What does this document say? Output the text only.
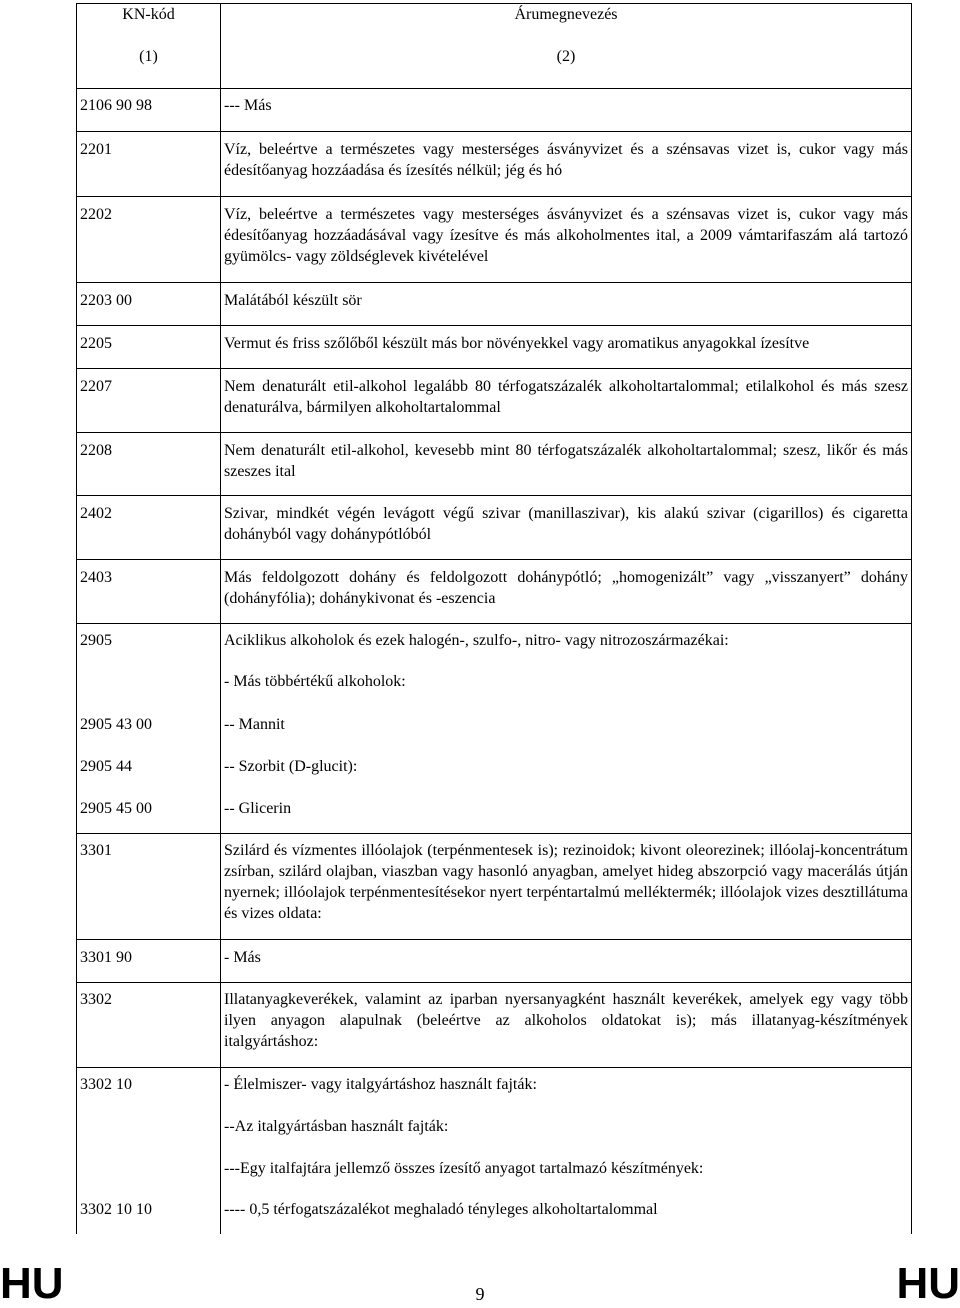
KN-kód	Árumegnevezés
(1)	(2)
2106 90 98	--- Más
2201	Víz, beleértve a természetes vagy mesterséges ásványvizet és a szénsavas vizet is, cukor vagy más édesítőanyag hozzáadása és ízesítés nélkül; jég és hó
2202	Víz, beleértve a természetes vagy mesterséges ásványvizet és a szénsavas vizet is, cukor vagy más édesítőanyag hozzáadásával vagy ízesítve és más alkoholmentes ital, a 2009 vámtarifaszám alá tartozó gyümölcs- vagy zöldséglevek kivételével
2203 00	Malátából készült sör
2205	Vermut és friss szőlőből készült más bor növényekkel vagy aromatikus anyagokkal ízesítve
2207	Nem denaturált etil-alkohol legalább 80 térfogatszázalék alkoholtartalommal; etilalkohol és más szesz denaturálva, bármilyen alkoholtartalommal
2208	Nem denaturált etil-alkohol, kevesebb mint 80 térfogatszázalék alkoholtartalommal; szesz, likőr és más szeszes ital
2402	Szivar, mindkét végén levágott végű szivar (manillaszivar), kis alakú szivar (cigarillos) és cigaretta dohányból vagy dohánypótlóból
2403	Más feldolgozott dohány és feldolgozott dohánypótló; „homogenizált” vagy „visszanyert” dohány (dohányfólia); dohánykivonat és -eszencia
2905	Aciklikus alkoholok és ezek halogén-, szulfo-, nitro- vagy nitrozoszármazékai:
	- Más többértékű alkoholok:
2905 43 00	-- Mannit
2905 44	-- Szorbit (D-glucit):
2905 45 00	-- Glicerin
3301	Szilárd és vízmentes illóolajok (terpénmentesek is); rezinoidok; kivont oleorezinek; illóolaj-koncentrátum zsírban, szilárd olajban, viaszban vagy hasonló anyagban, amelyet hideg abszorpció vagy macerálás útján nyernek; illóolajok terpénmentesítésekor nyert terpéntartalmú melléktermék; illóolajok vizes desztillátuma és vizes oldata:
3301 90	- Más
3302	Illatanyagkeverékek, valamint az iparban nyersanyagként használt keverékek, amelyek egy vagy több ilyen anyagon alapulnak (beleértve az alkoholos oldatokat is); más illatanyag-készítmények italgyártáshoz:
3302 10	- Élelmiszer- vagy italgyártáshoz használt fajták:
	--Az italgyártásban használt fajták:
	---Egy italfajtára jellemző összes ízesítő anyagot tartalmazó készítmények:
3302 10 10	---- 0,5 térfogatszázalékot meghaladó tényleges alkoholtartalommal
HU	9	HU
